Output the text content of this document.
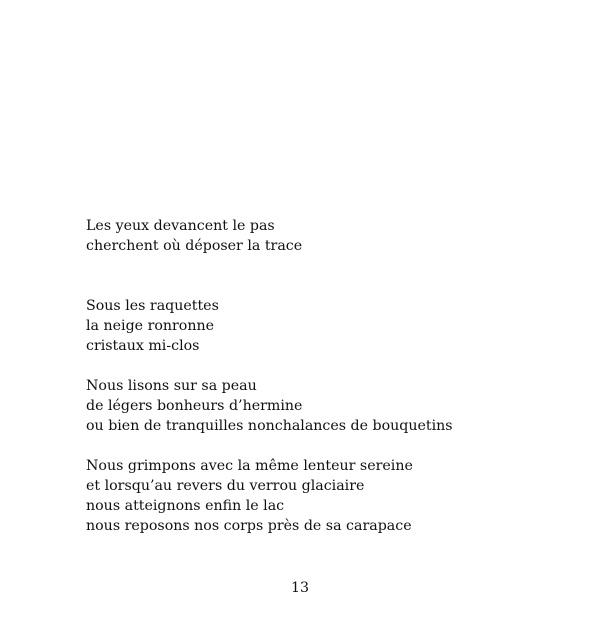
Les yeux devancent le pas
cherchent où déposer la trace

Sous les raquettes
la neige ronronne
cristaux mi-clos

Nous lisons sur sa peau
de légers bonheurs d’hermine
ou bien de tranquilles nonchalances de bouquetins

Nous grimpons avec la même lenteur sereine
et lorsqu’au revers du verrou glaciaire
nous atteignons enfin le lac
nous reposons nos corps près de sa carapace

13
